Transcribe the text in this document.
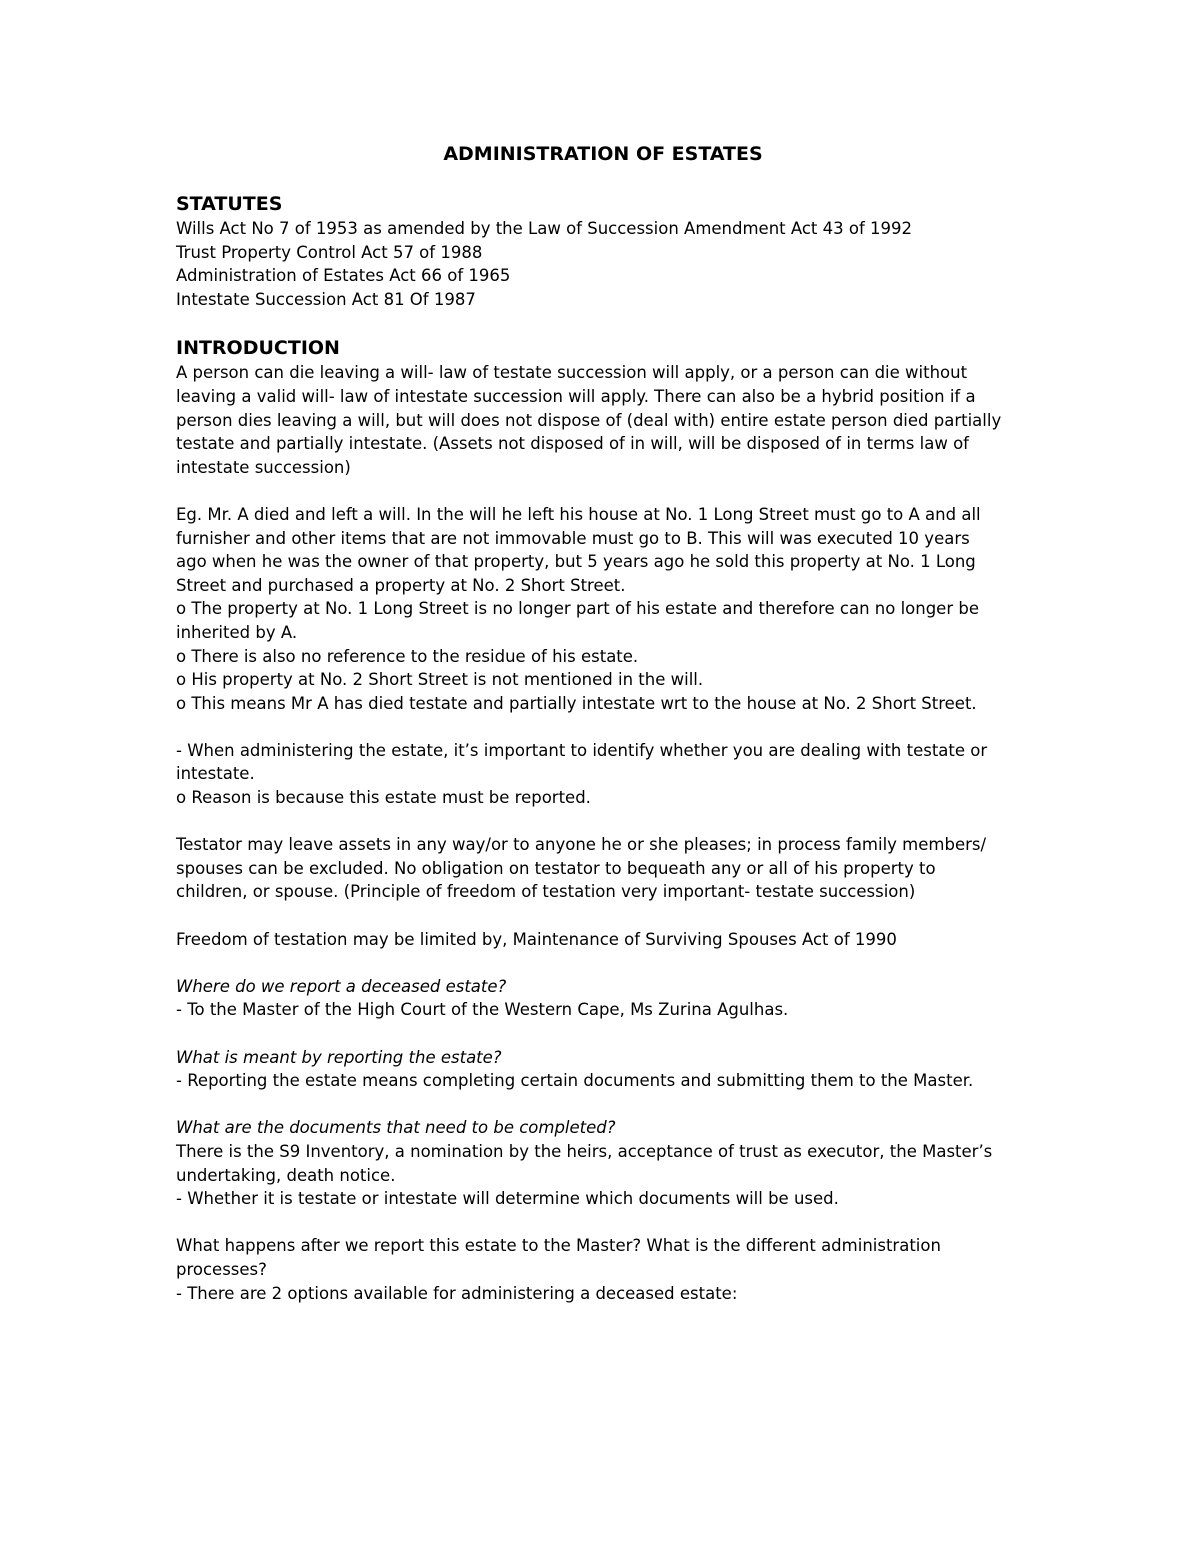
ADMINISTRATION OF ESTATES
STATUTES
Wills Act No 7 of 1953 as amended by the Law of Succession Amendment Act 43 of 1992
Trust Property Control Act 57 of 1988
Administration of Estates Act 66 of 1965
Intestate Succession Act 81 Of 1987
INTRODUCTION
A person can die leaving a will- law of testate succession will apply, or a person can die without
leaving a valid will- law of intestate succession will apply. There can also be a hybrid position if a
person dies leaving a will, but will does not dispose of (deal with) entire estate person died partially
testate and partially intestate. (Assets not disposed of in will, will be disposed of in terms law of
intestate succession)
Eg. Mr. A died and left a will. In the will he left his house at No. 1 Long Street must go to A and all
furnisher and other items that are not immovable must go to B. This will was executed 10 years
ago when he was the owner of that property, but 5 years ago he sold this property at No. 1 Long
Street and purchased a property at No. 2 Short Street.
o The property at No. 1 Long Street is no longer part of his estate and therefore can no longer be
inherited by A.
o There is also no reference to the residue of his estate.
o His property at No. 2 Short Street is not mentioned in the will.
o This means Mr A has died testate and partially intestate wrt to the house at No. 2 Short Street.
- When administering the estate, it’s important to identify whether you are dealing with testate or
intestate.
o Reason is because this estate must be reported.
Testator may leave assets in any way/or to anyone he or she pleases; in process family members/
spouses can be excluded. No obligation on testator to bequeath any or all of his property to
children, or spouse. (Principle of freedom of testation very important- testate succession)
Freedom of testation may be limited by, Maintenance of Surviving Spouses Act of 1990
Where do we report a deceased estate?
- To the Master of the High Court of the Western Cape, Ms Zurina Agulhas.
What is meant by reporting the estate?
- Reporting the estate means completing certain documents and submitting them to the Master.
What are the documents that need to be completed?
There is the S9 Inventory, a nomination by the heirs, acceptance of trust as executor, the Master’s
undertaking, death notice.
- Whether it is testate or intestate will determine which documents will be used.
What happens after we report this estate to the Master? What is the different administration
processes?
- There are 2 options available for administering a deceased estate:
